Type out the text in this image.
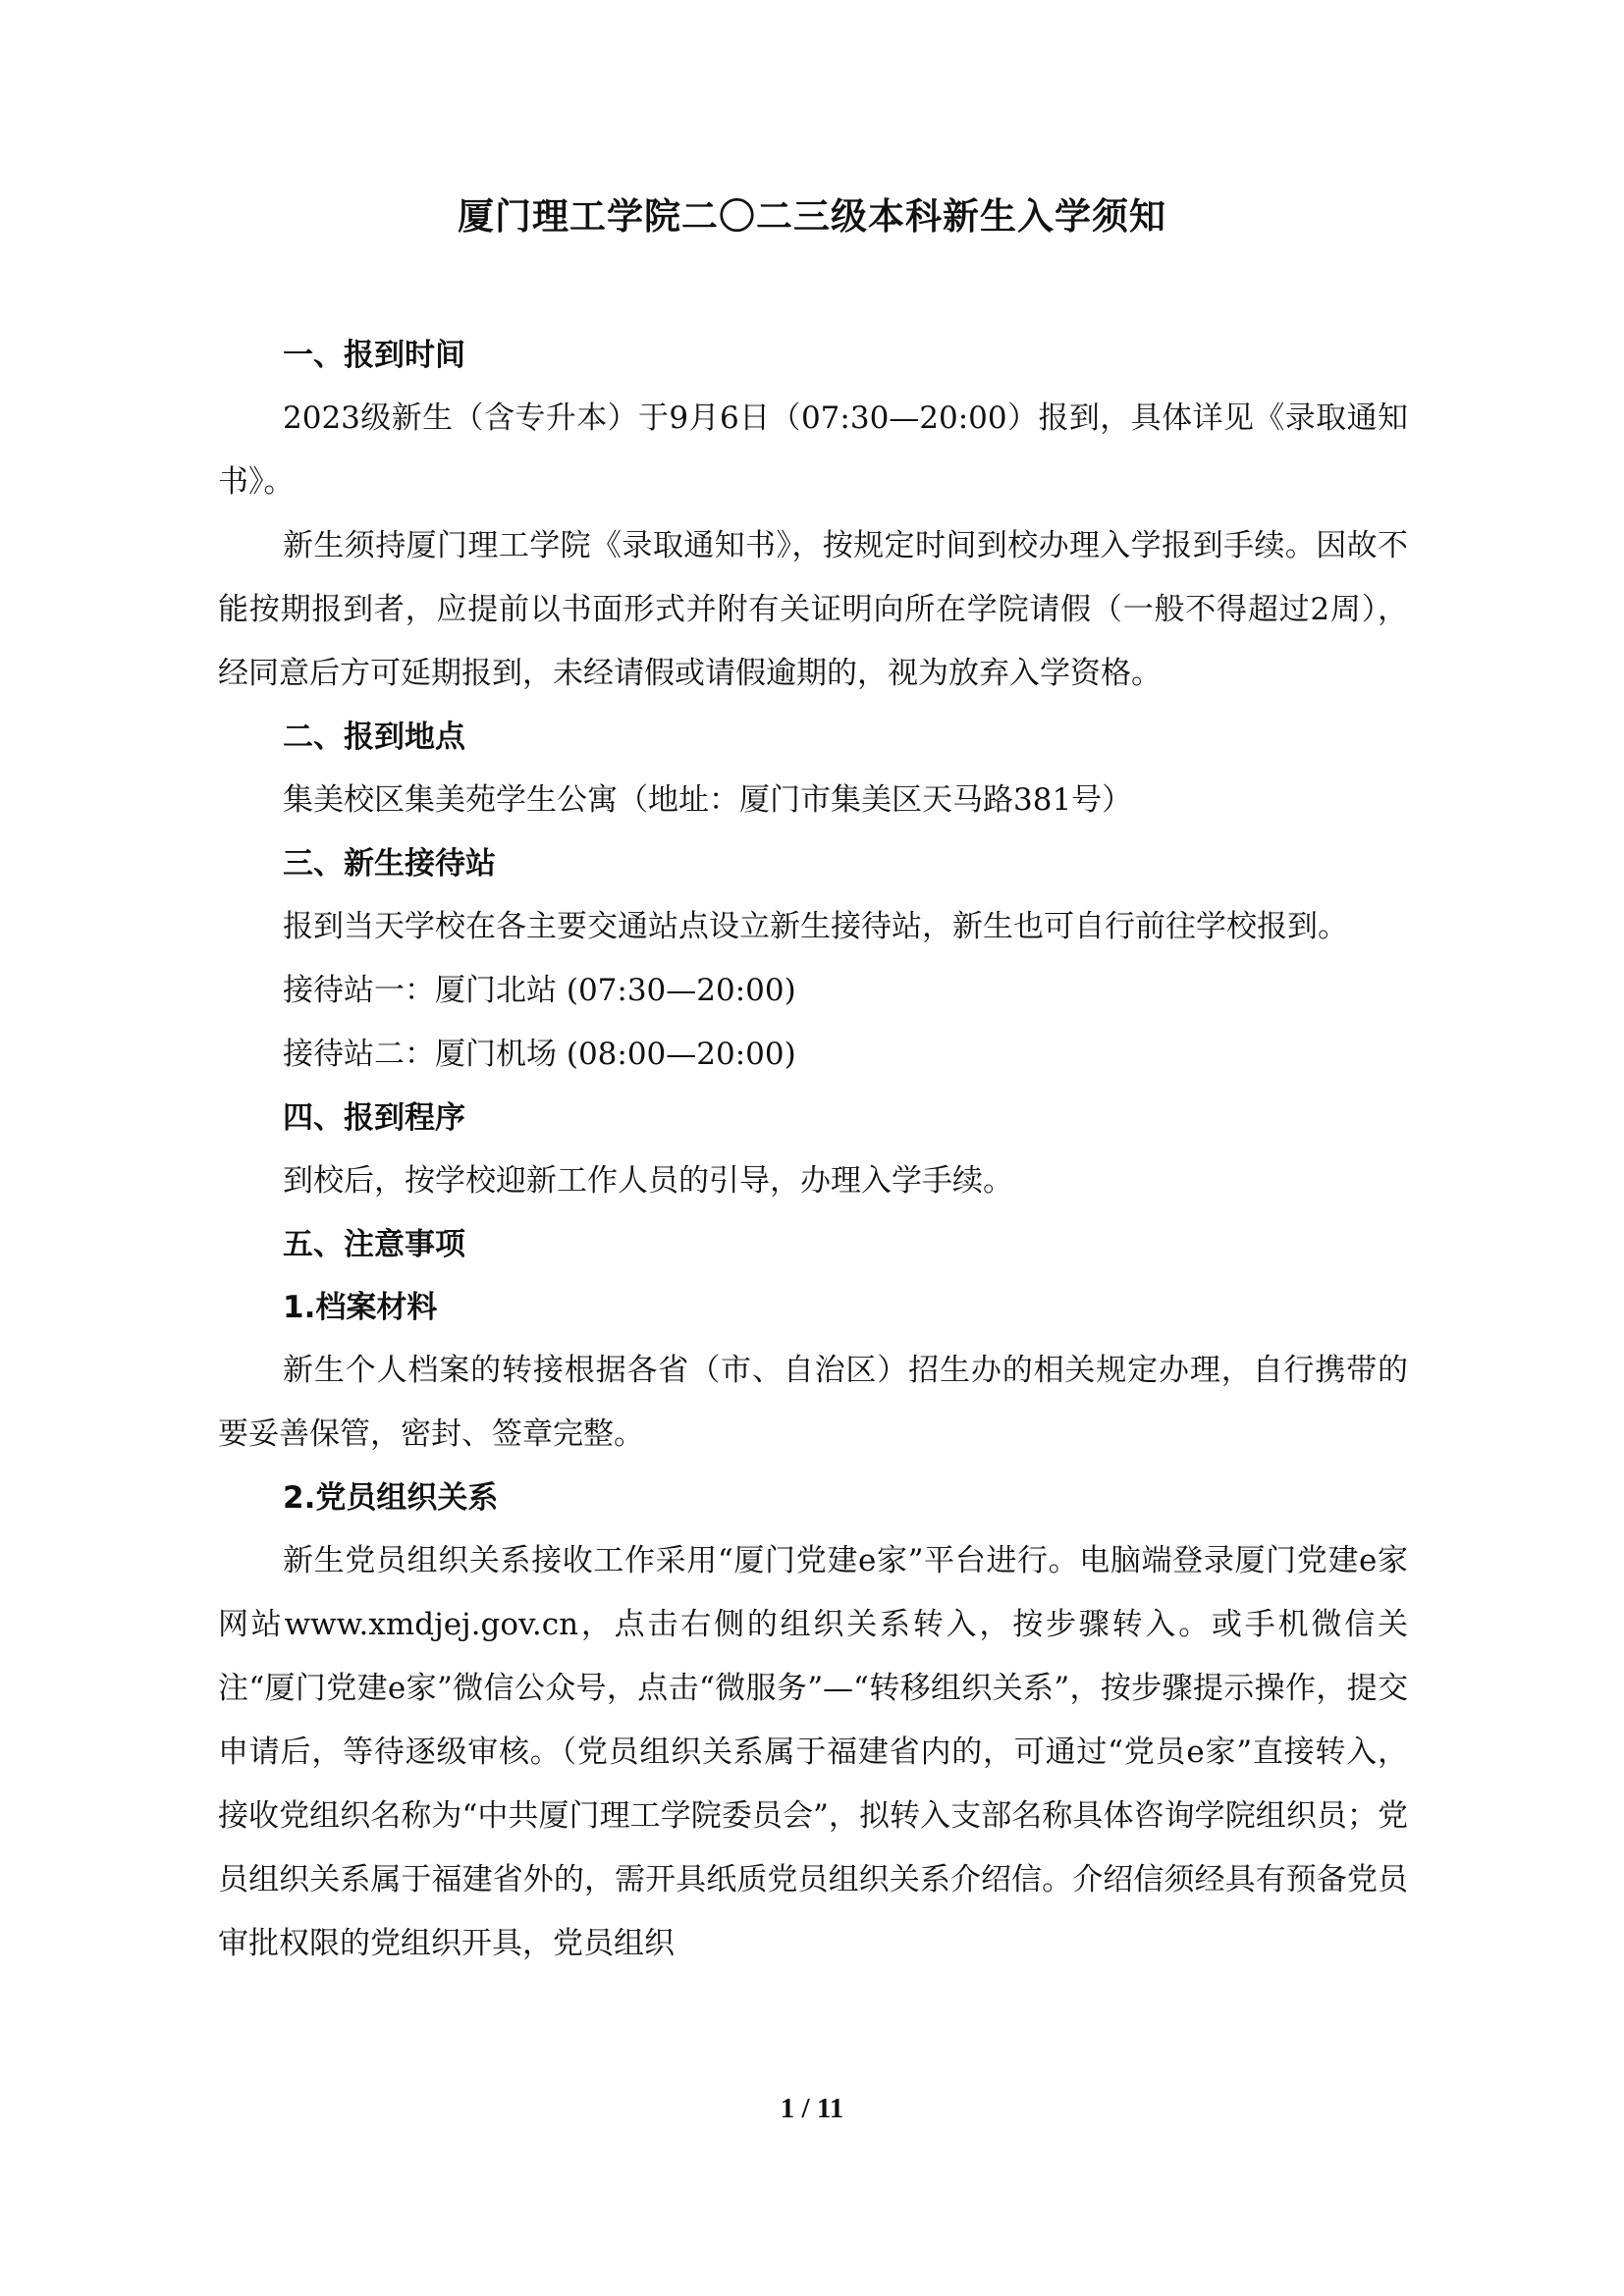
厦门理工学院二〇二三级本科新生入学须知
一、报到时间
2023级新生（含专升本）于9月6日（07:30—20:00）报到，具体详见《录取通知书》。
新生须持厦门理工学院《录取通知书》，按规定时间到校办理入学报到手续。因故不能按期报到者，应提前以书面形式并附有关证明向所在学院请假（一般不得超过2周），经同意后方可延期报到，未经请假或请假逾期的，视为放弃入学资格。
二、报到地点
集美校区集美苑学生公寓（地址：厦门市集美区天马路381号）
三、新生接待站
报到当天学校在各主要交通站点设立新生接待站，新生也可自行前往学校报到。
接待站一：厦门北站 (07:30—20:00)
接待站二：厦门机场 (08:00—20:00)
四、报到程序
到校后，按学校迎新工作人员的引导，办理入学手续。
五、注意事项
1.档案材料
新生个人档案的转接根据各省（市、自治区）招生办的相关规定办理，自行携带的要妥善保管，密封、签章完整。
2.党员组织关系
新生党员组织关系接收工作采用“厦门党建e家”平台进行。电脑端登录厦门党建e家网站www.xmdjej.gov.cn，点击右侧的组织关系转入，按步骤转入。或手机微信关注“厦门党建e家”微信公众号，点击“微服务”—“转移组织关系”，按步骤提示操作，提交申请后，等待逐级审核。（党员组织关系属于福建省内的，可通过“党员e家”直接转入，接收党组织名称为“中共厦门理工学院委员会”，拟转入支部名称具体咨询学院组织员；党员组织关系属于福建省外的，需开具纸质党员组织关系介绍信。介绍信须经具有预备党员审批权限的党组织开具，党员组织
1 / 11
